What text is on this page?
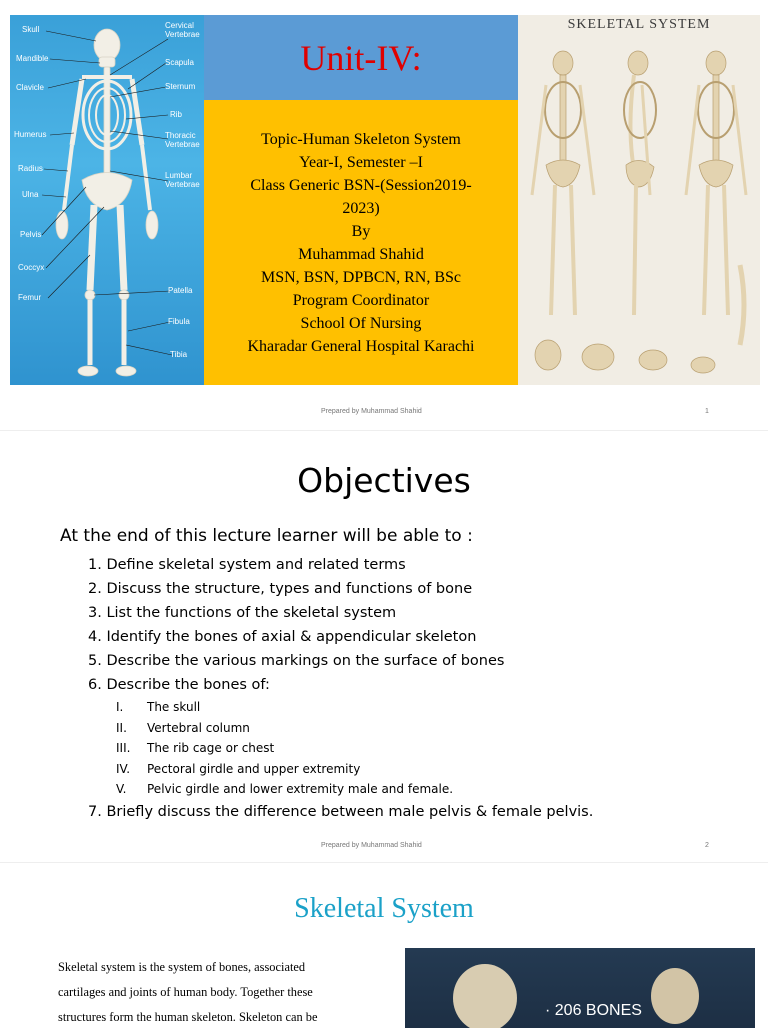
Skull
Mandible
Clavicle
Humerus
Radius
Ulna
Pelvis
Coccyx
Femur
Cervical Vertebrae
Scapula
Sternum
Rib
Thoracic Vertebrae
Lumbar Vertebrae
Patella
Fibula
Tibia
Unit-IV:
Topic-Human Skeleton System
Year-I, Semester –I
Class Generic BSN-(Session2019-
2023)
By
Muhammad Shahid
MSN, BSN, DPBCN, RN, BSc
Program Coordinator
School Of Nursing
Kharadar General Hospital Karachi
SKELETAL SYSTEM
Prepared by Muhammad Shahid	1
Objectives
At the end of this lecture learner will be able to :
1. Define skeletal system and related terms
2. Discuss the structure, types and functions of bone
3. List the functions of the skeletal system
4. Identify the bones of axial & appendicular skeleton
5. Describe the various markings on the surface of bones
6. Describe the bones of:
I. The skull
II. Vertebral column
III. The rib cage or chest
IV. Pectoral girdle and upper extremity
V. Pelvic girdle and lower extremity male and female.
7. Briefly discuss the difference between male pelvis & female pelvis.
Prepared by Muhammad Shahid	2
Skeletal System
Skeletal system is the system of bones, associated
cartilages and joints of human body. Together these
structures form the human skeleton. Skeleton can be	· 206 BONES
